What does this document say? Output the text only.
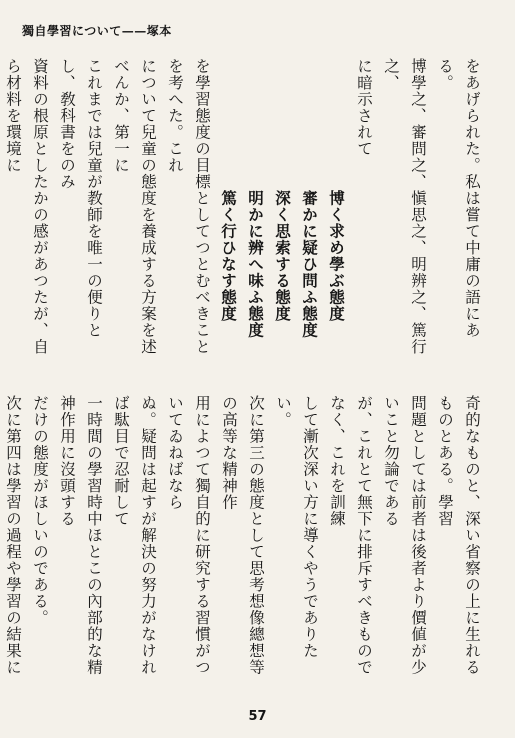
獨自學習について——塚本

をあげられた。私は嘗て中庸の語にある。

博學之、審問之、愼思之、明辨之、篤行之、

に暗示されて

博く求め學ぶ態度

審かに疑ひ問ふ態度

深く思索する態度

明かに辨へ味ふ態度

篤く行ひなす態度

を學習態度の目標としてつとむべきことを考へた。これ

について兒童の態度を養成する方案を述べんか、第一に

これまでは兒童が教師を唯一の便りとし、敎科書をのみ

資料の根原としたかの感があつたが、自ら材料を環境に

奇的なものと、深い省察の上に生れるものとある。學習

問題としては前者は後者より價値が少いこと勿論である

が、これとて無下に排斥すべきものでなく、これを訓練

して漸次深い方に導くやうでありたい。

次に第三の態度として思考想像總想等の高等な精神作

用によつて獨自的に研究する習慣がついてゐねばなら

ぬ。疑問は起すが解決の努力がなければ駄目で忍耐して

一時間の學習時中ほとこの內部的な精神作用に沒頭する

だけの態度がほしいのである。

次に第四は學習の過程や學習の結果に

57
